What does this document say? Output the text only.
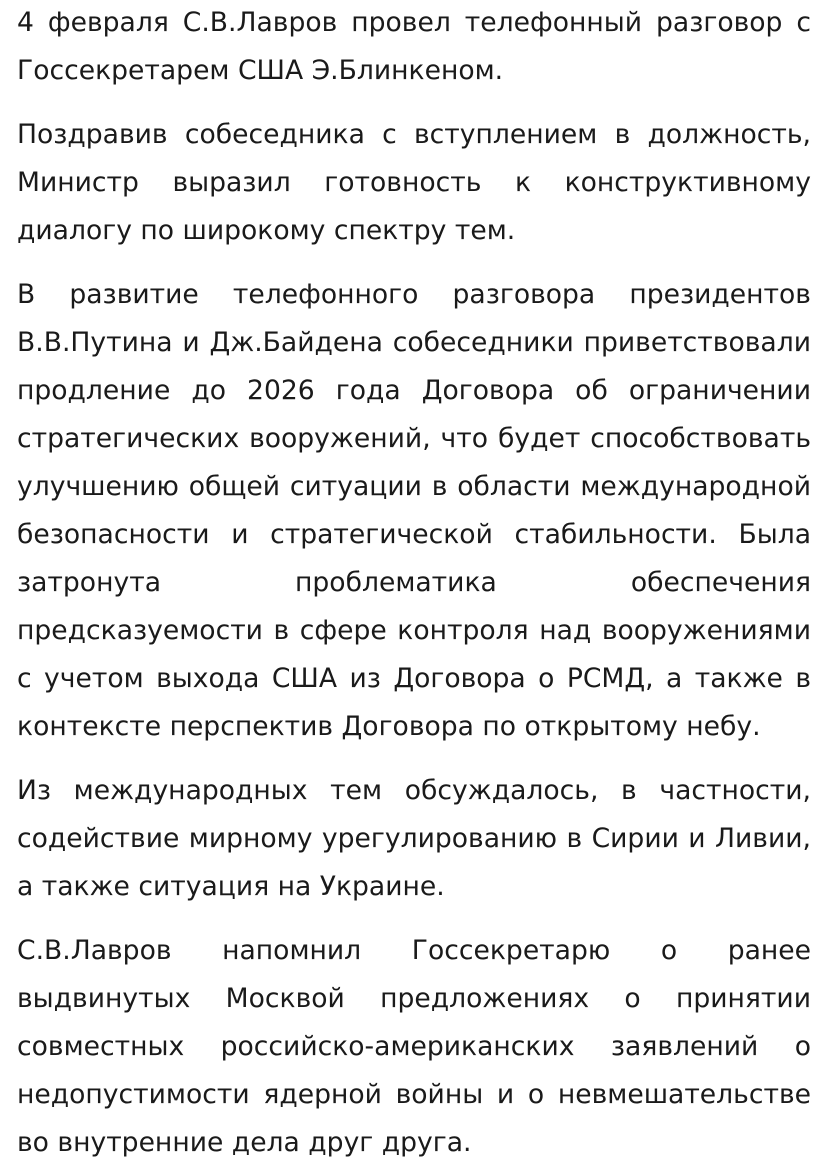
4 февраля С.В.Лавров провел телефонный разговор с Госсекретарем США Э.Блинкеном.

Поздравив собеседника с вступлением в должность, Министр выразил готовность к конструктивному диалогу по широкому спектру тем.

В развитие телефонного разговора президентов В.В.Путина и Дж.Байдена собеседники приветствовали продление до 2026 года Договора об ограничении стратегических вооружений, что будет способствовать улучшению общей ситуации в области международной безопасности и стратегической стабильности. Была затронута проблематика обеспечения предсказуемости в сфере контроля над вооружениями с учетом выхода США из Договора о РСМД, а также в контексте перспектив Договора по открытому небу.

Из международных тем обсуждалось, в частности, содействие мирному урегулированию в Сирии и Ливии, а также ситуация на Украине.

С.В.Лавров напомнил Госсекретарю о ранее выдвинутых Москвой предложениях о принятии совместных российско-американских заявлений о недопустимости ядерной войны и о невмешательстве во внутренние дела друг друга.
